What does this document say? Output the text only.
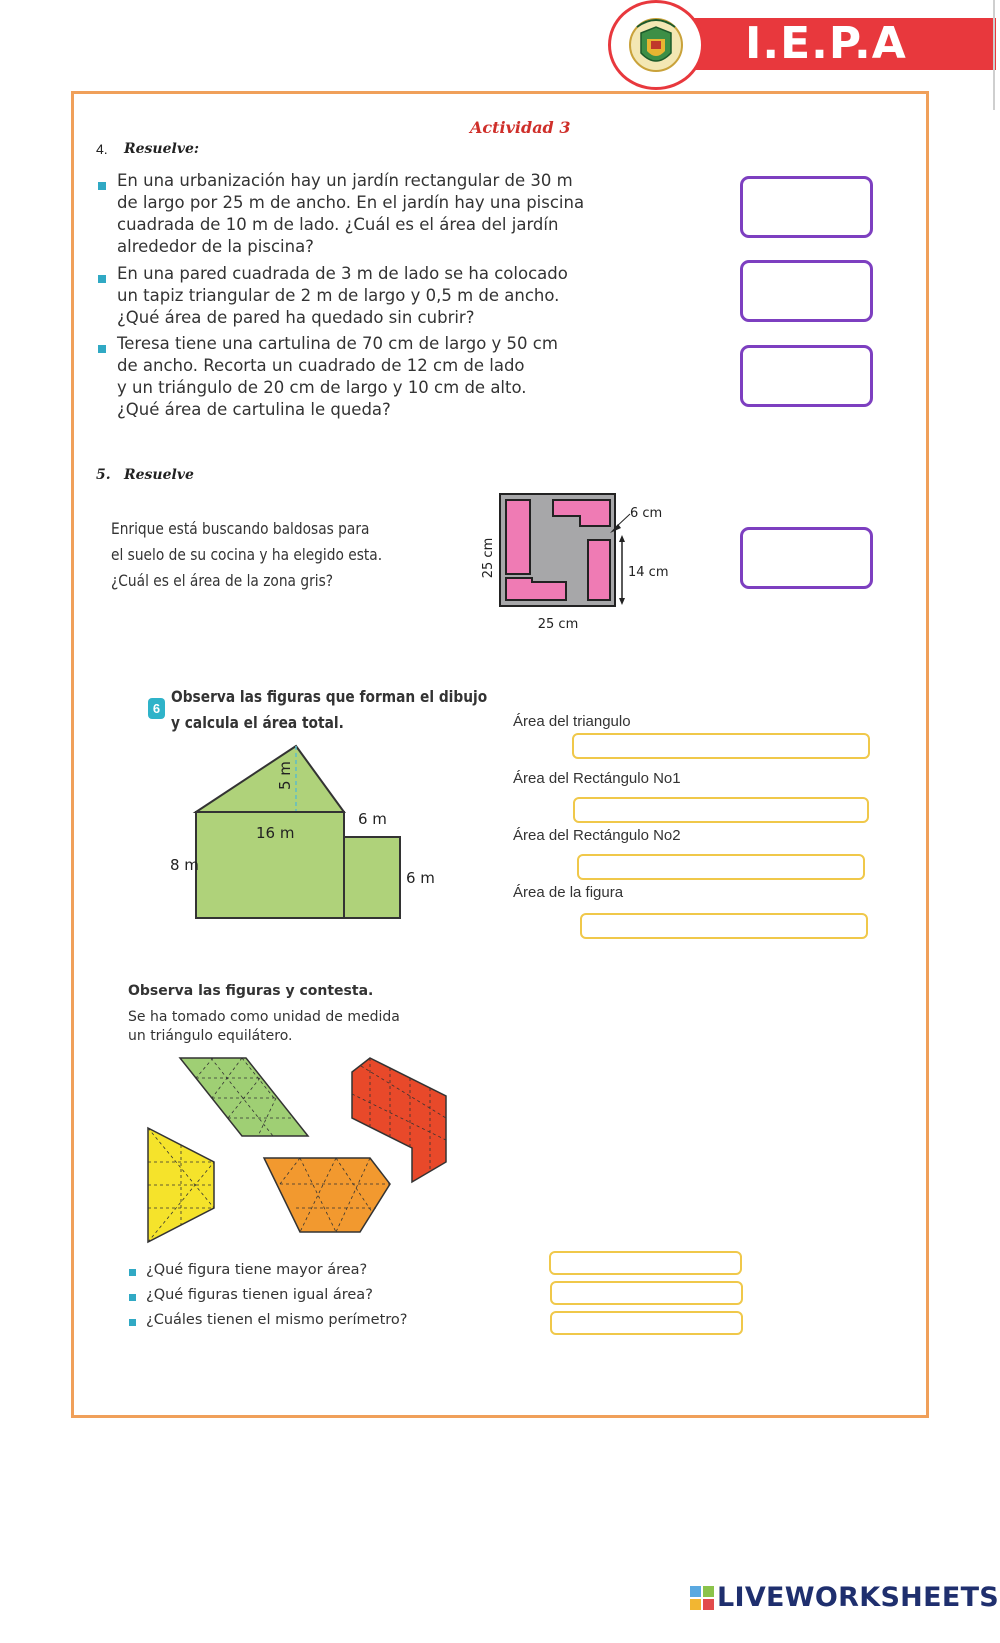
I.E.P.A
Actividad 3
4. Resuelve:
En una urbanización hay un jardín rectangular de 30 m
de largo por 25 m de ancho. En el jardín hay una piscina
cuadrada de 10 m de lado. ¿Cuál es el área del jardín
alrededor de la piscina?
En una pared cuadrada de 3 m de lado se ha colocado
un tapiz triangular de 2 m de largo y 0,5 m de ancho.
¿Qué área de pared ha quedado sin cubrir?
Teresa tiene una cartulina de 70 cm de largo y 50 cm
de ancho. Recorta un cuadrado de 12 cm de lado
y un triángulo de 20 cm de largo y 10 cm de alto.
¿Qué área de cartulina le queda?
5. Resuelve
Enrique está buscando baldosas para
el suelo de su cocina y ha elegido esta.
¿Cuál es el área de la zona gris?
25 cm
25 cm
6 cm
14 cm
6
Observa las figuras que forman el dibujo
y calcula el área total.
5 m
16 m
8 m
6 m
6 m
Área del triangulo
Área del Rectángulo No1
Área del Rectángulo No2
Área de la figura
Observa las figuras y contesta.
Se ha tomado como unidad de medida
un triángulo equilátero.
¿Qué figura tiene mayor área?
¿Qué figuras tienen igual área?
¿Cuáles tienen el mismo perímetro?
LIVEWORKSHEETS
